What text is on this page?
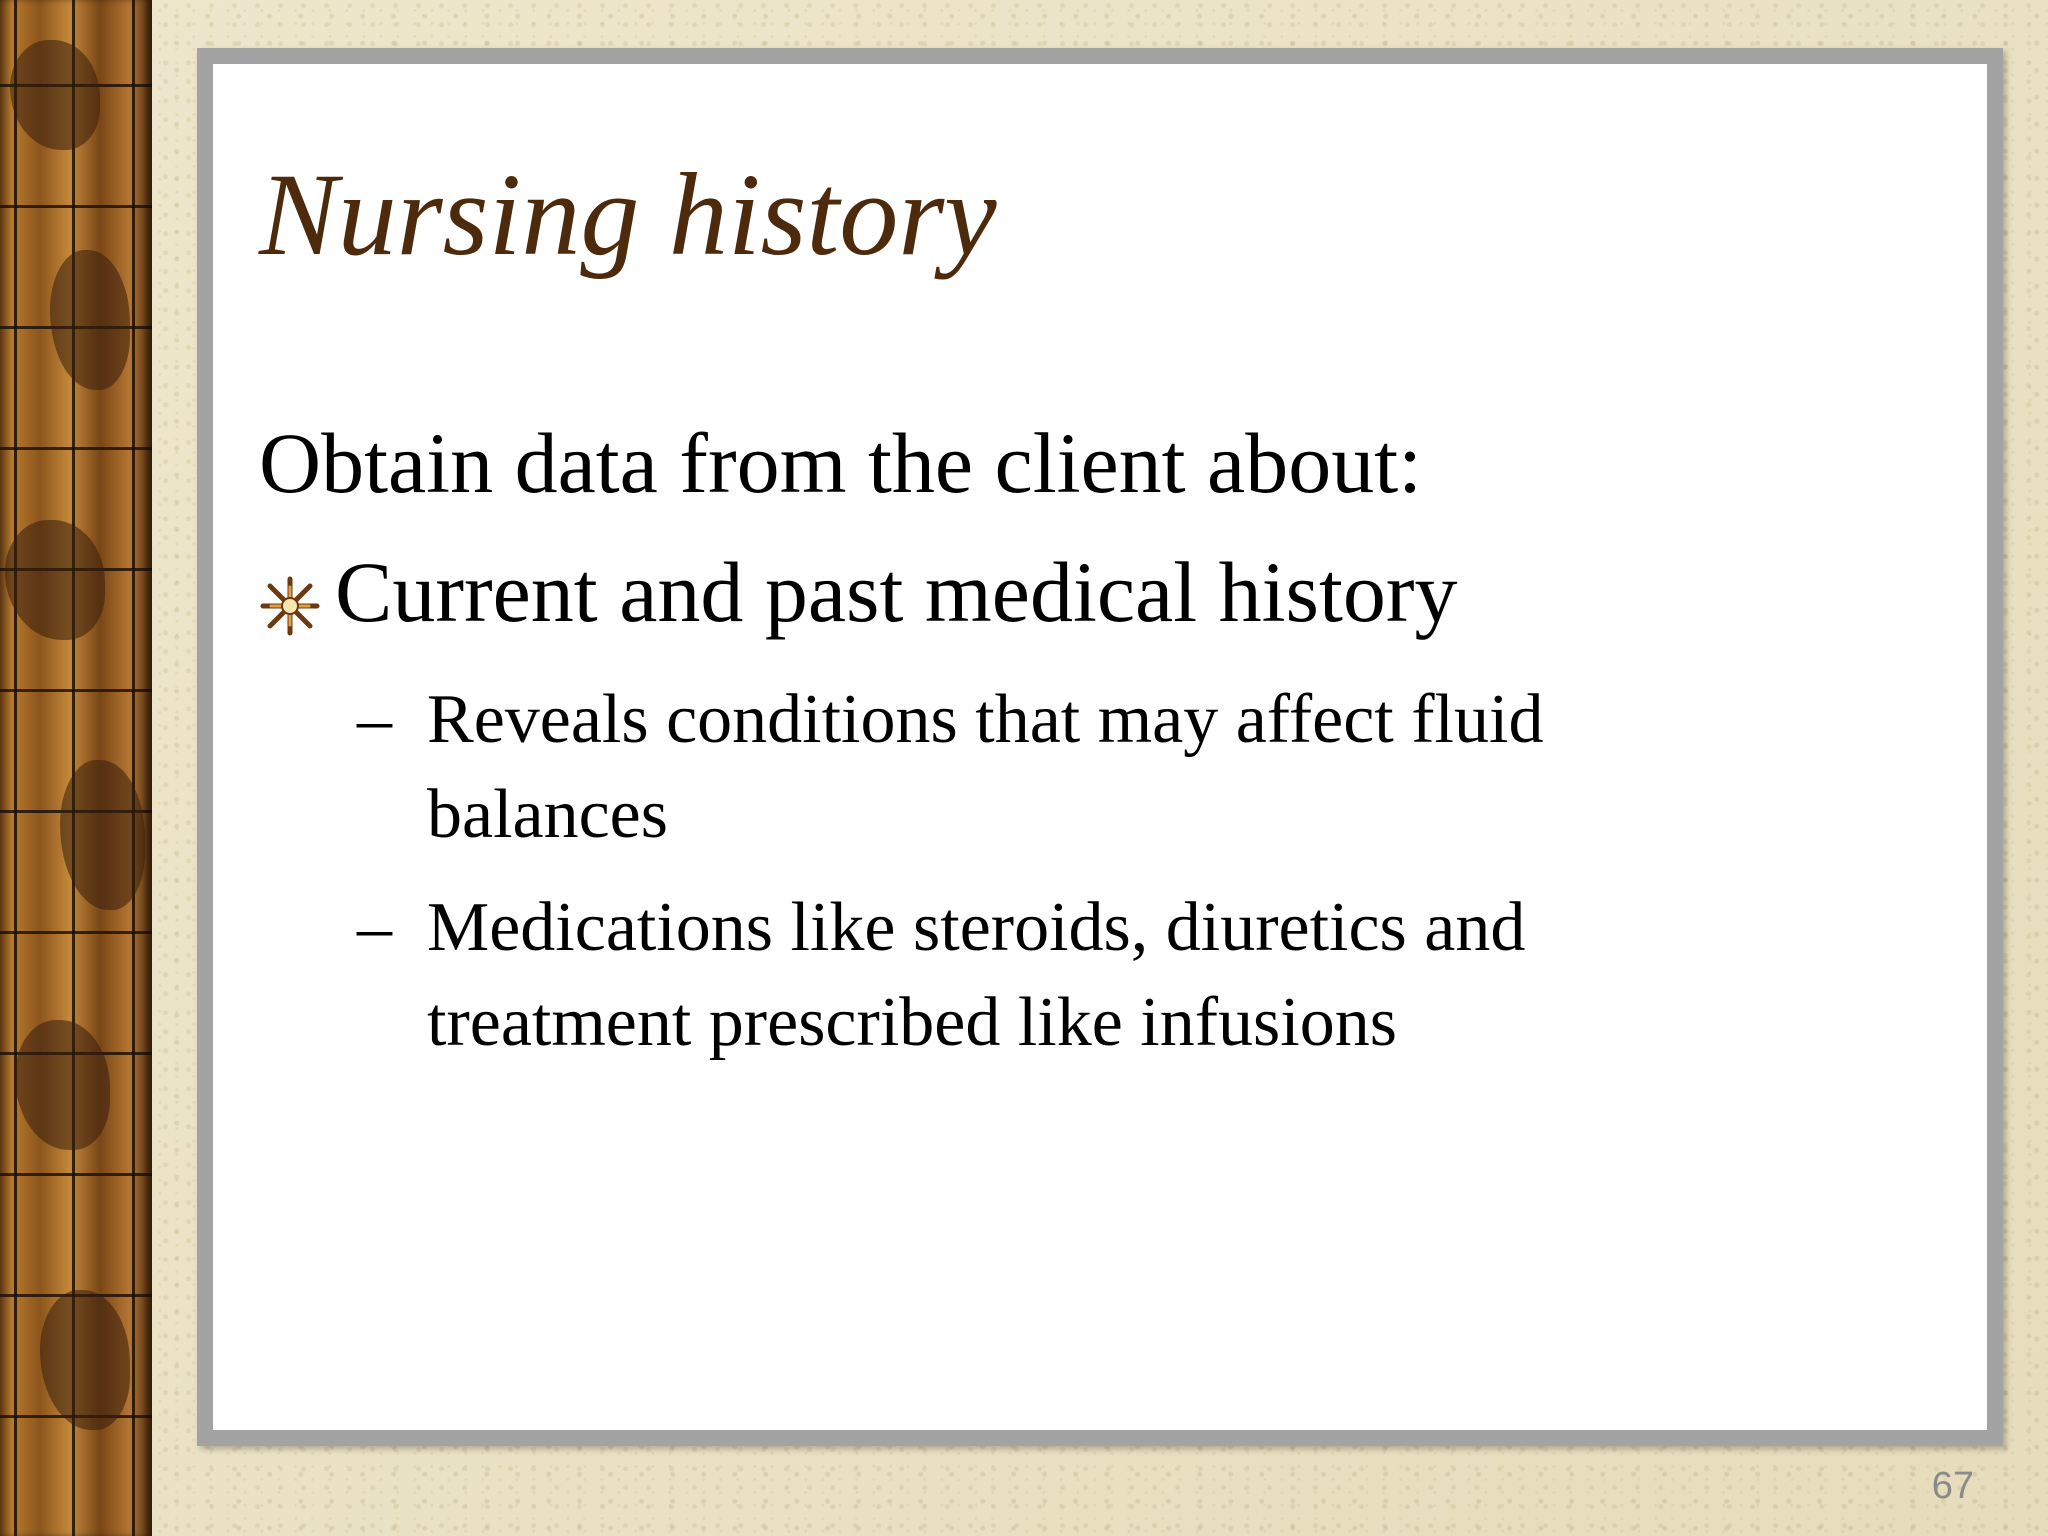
Nursing history

Obtain data from the client about:

Current and past medical history
– Reveals conditions that may affect fluid balances
– Medications like steroids, diuretics and treatment prescribed like infusions
67
